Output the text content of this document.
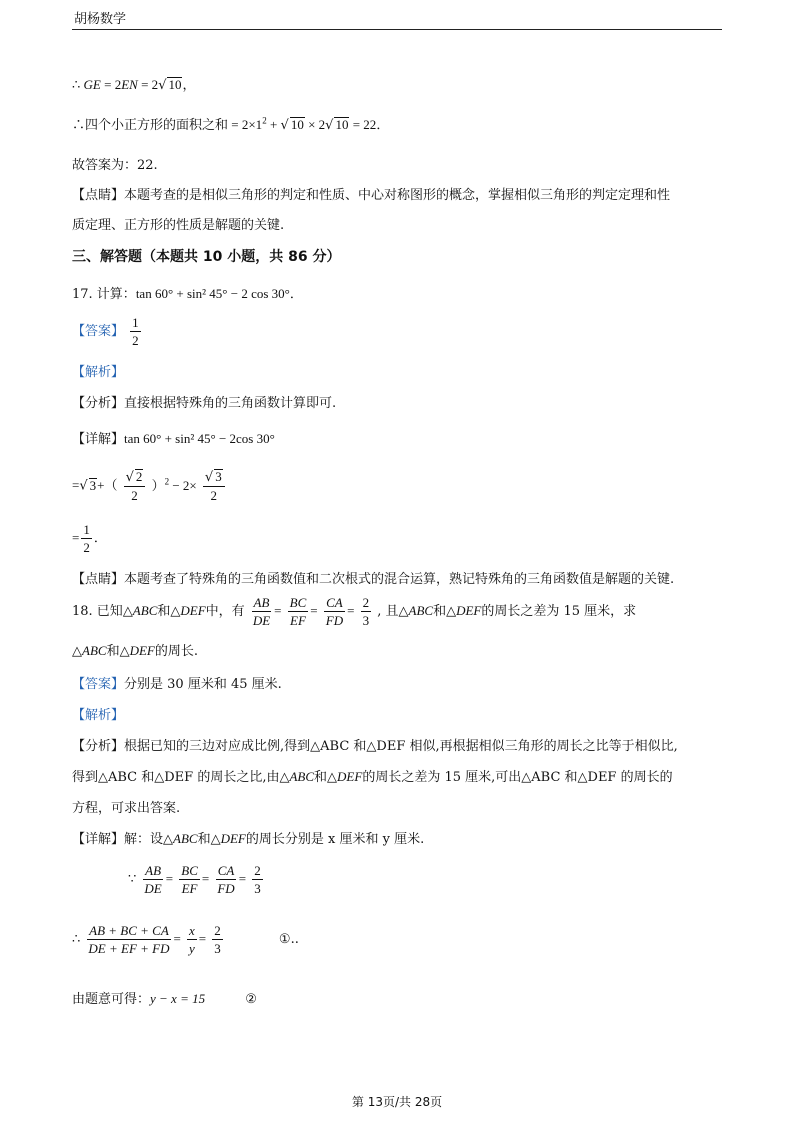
胡杨数学
∴ GE = 2EN = 2√ 10，
∴四个小正方形的面积之和 = $2\times 1^2$ + √ 10 × 2√ 10 = 22．
故答案为：22.
【点睛】本题考查的是相似三角形的判定和性质、中心对称图形的概念，掌握相似三角形的判定定理和性
质定理、正方形的性质是解题的关键.
三、解答题（本题共 10 小题，共 86 分）
17. 计算：tan 60° + sin² 45° − 2 cos 30°．
【答案】 $\frac{1}{2}$
【解析】
【分析】直接根据特殊角的三角函数计算即可.
【详解】tan 60° + sin² 45° − 2cos 30°
=√ $3+( \frac{√ 2}{2} )^2 - 2\times \frac{√ 3}{2}$
= $\frac{1}{2}$ ．
【点睛】本题考查了特殊角的三角函数值和二次根式的混合运算，熟记特殊角的三角函数值是解题的关键.
18. 已知△ABC和△DEF中，有 $\frac{AB}{DE} = \frac{BC}{EF} = \frac{CA}{FD} = \frac{2}{3}$ , 且△ABC和△DEF的周长之差为 15 厘米，求
△ABC和△DEF的周长.
【答案】分别是 30 厘米和 45 厘米.
【解析】
【分析】根据已知的三边对应成比例,得到△ABC 和△DEF 相似,再根据相似三角形的周长之比等于相似比,
得到△ABC 和△DEF 的周长之比,由△ABC和△DEF的周长之差为 15 厘米,可出△ABC 和△DEF 的周长的
方程，可求出答案.
【详解】解：设△ABC和△DEF的周长分别是 x 厘米和 y 厘米.
∵ $\frac{AB}{DE} = \frac{BC}{EF} = \frac{CA}{FD} = \frac{2}{3}$
∴ $\frac{AB + BC + CA}{DE + EF + FD} = \frac{x}{y} = \frac{2}{3}$	①..
由题意可得：y − x = 15	②
第 13页/共 28页
